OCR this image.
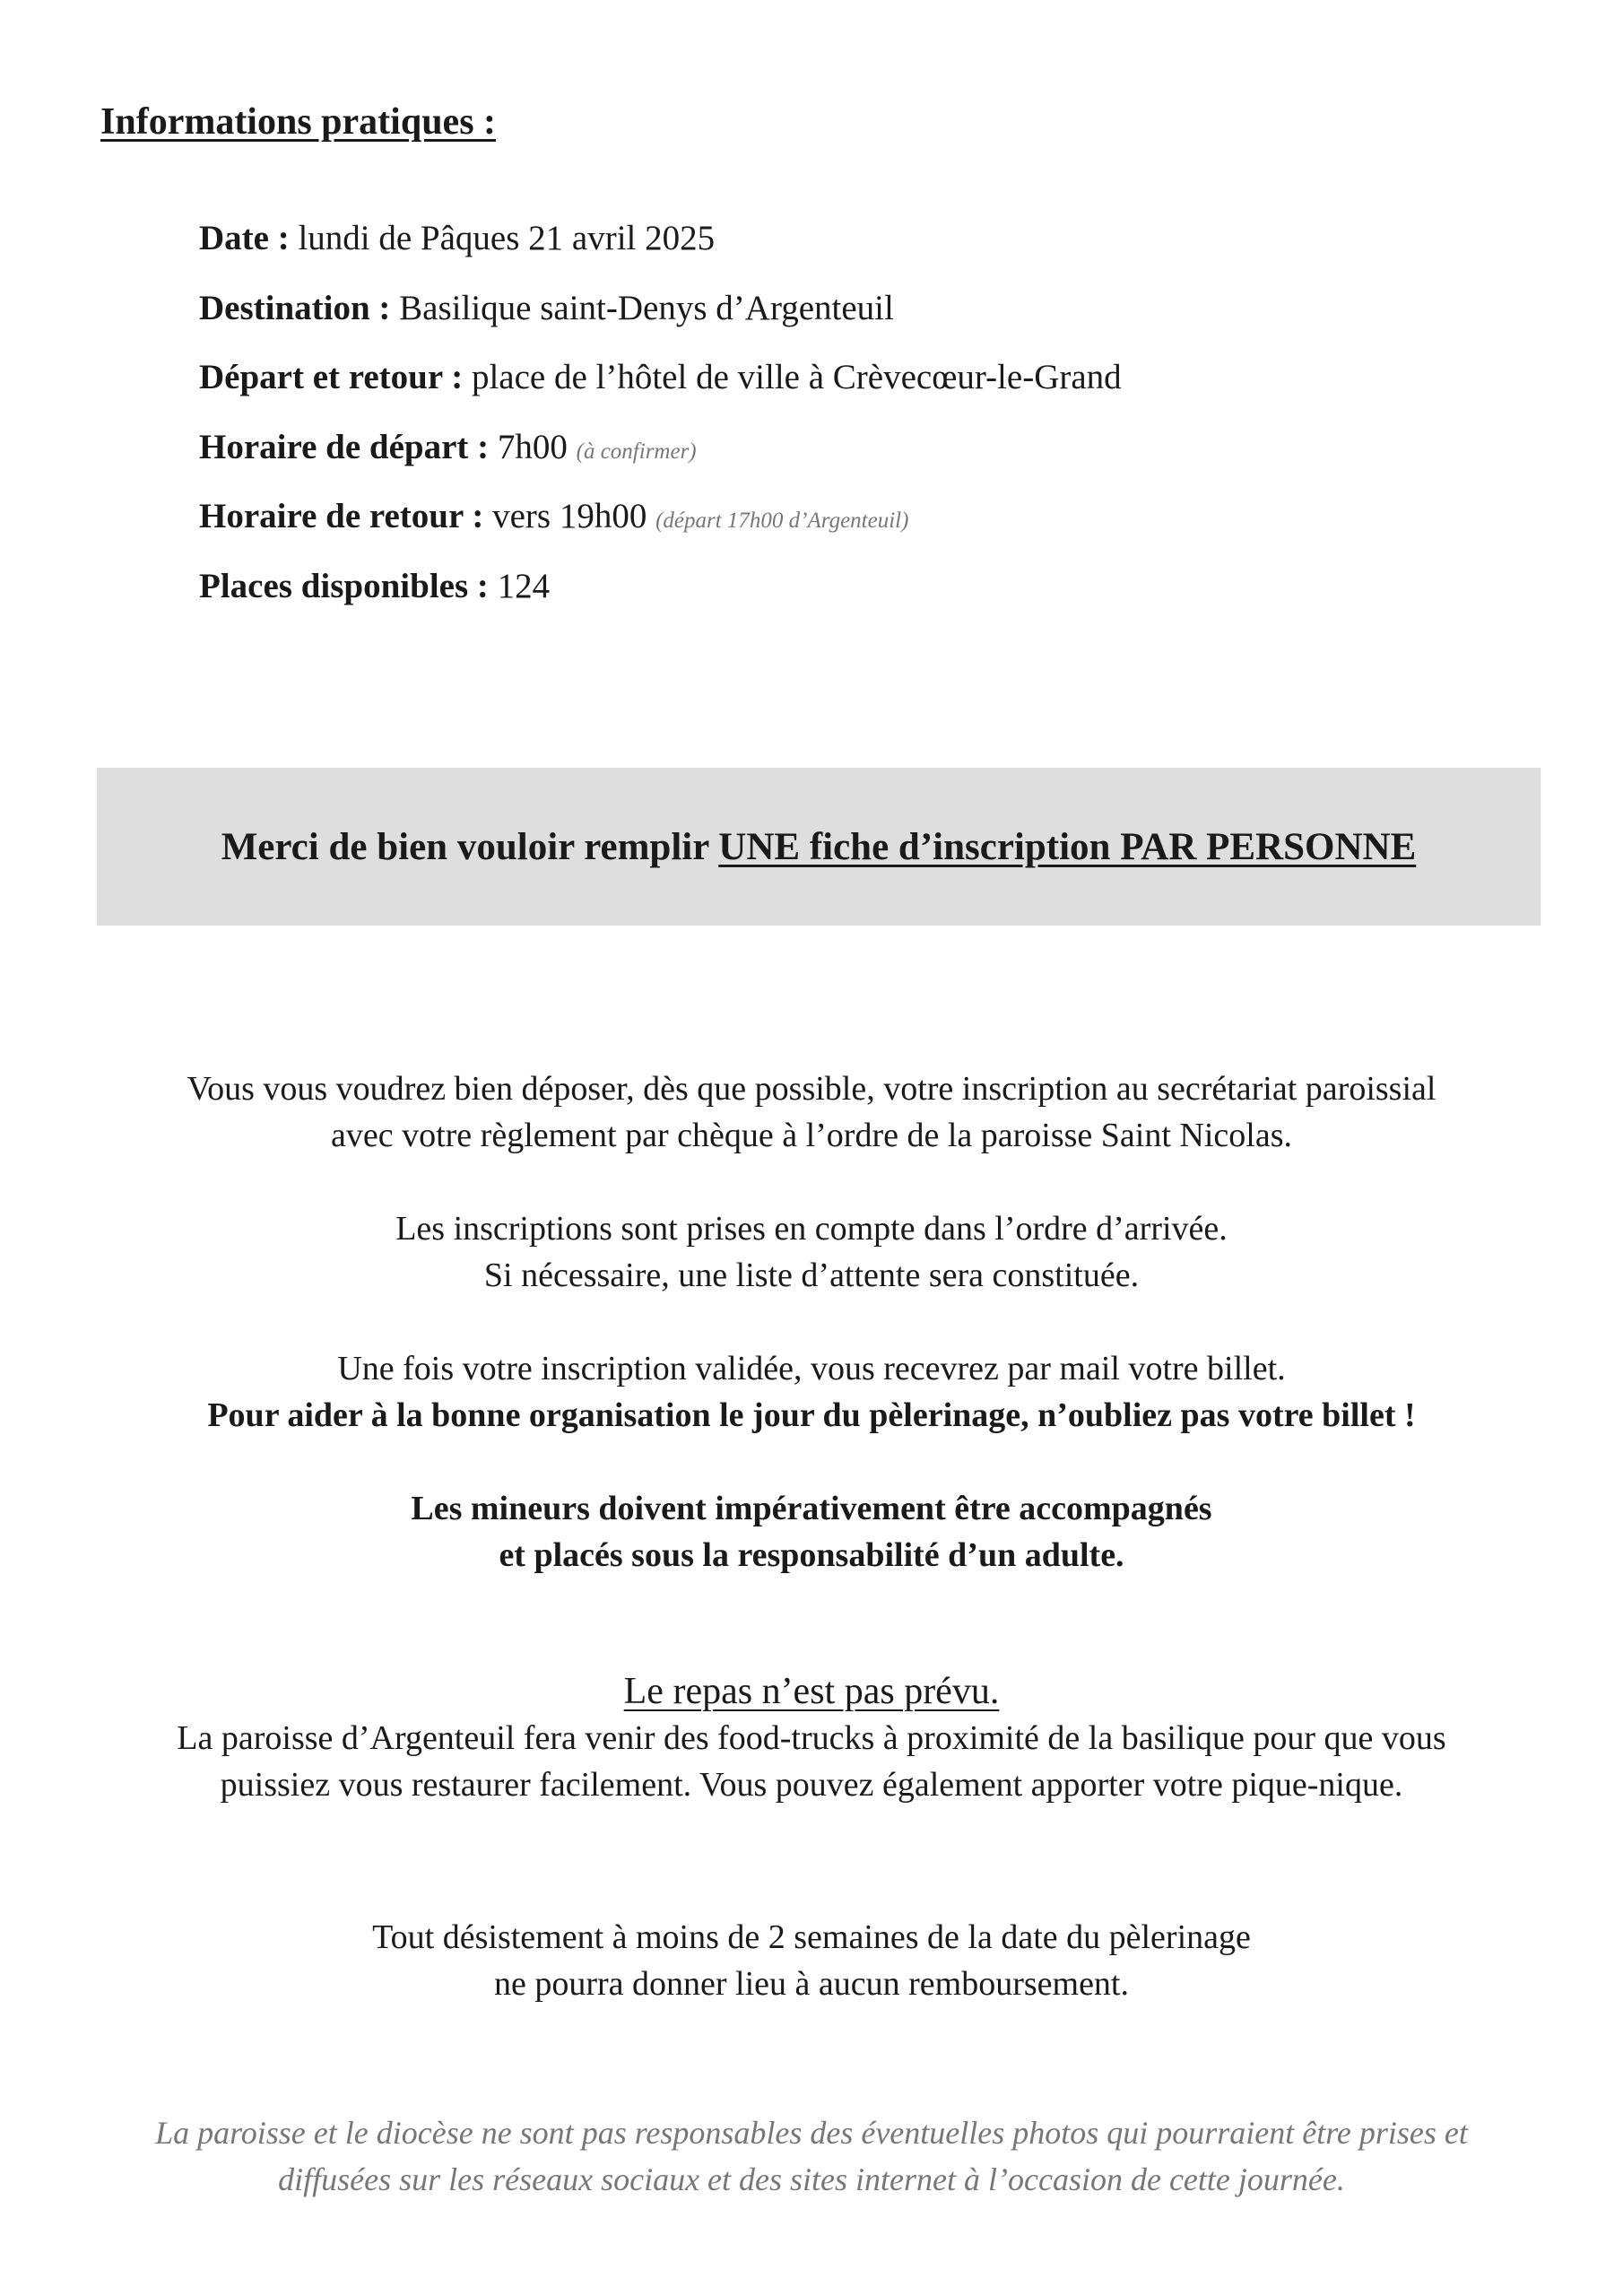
Informations pratiques :
Date : lundi de Pâques 21 avril 2025
Destination : Basilique saint-Denys d’Argenteuil
Départ et retour : place de l’hôtel de ville à Crèvecœur-le-Grand
Horaire de départ : 7h00 (à confirmer)
Horaire de retour : vers 19h00 (départ 17h00 d’Argenteuil)
Places disponibles : 124
Merci de bien vouloir remplir UNE fiche d’inscription PAR PERSONNE
Vous vous voudrez bien déposer, dès que possible, votre inscription au secrétariat paroissial
avec votre règlement par chèque à l’ordre de la paroisse Saint Nicolas.
Les inscriptions sont prises en compte dans l’ordre d’arrivée.
Si nécessaire, une liste d’attente sera constituée.
Une fois votre inscription validée, vous recevrez par mail votre billet.
Pour aider à la bonne organisation le jour du pèlerinage, n’oubliez pas votre billet !
Les mineurs doivent impérativement être accompagnés
et placés sous la responsabilité d’un adulte.
Le repas n’est pas prévu.
La paroisse d’Argenteuil fera venir des food-trucks à proximité de la basilique pour que vous
puissiez vous restaurer facilement. Vous pouvez également apporter votre pique-nique.
Tout désistement à moins de 2 semaines de la date du pèlerinage
ne pourra donner lieu à aucun remboursement.
La paroisse et le diocèse ne sont pas responsables des éventuelles photos qui pourraient être prises et
diffusées sur les réseaux sociaux et des sites internet à l’occasion de cette journée.
